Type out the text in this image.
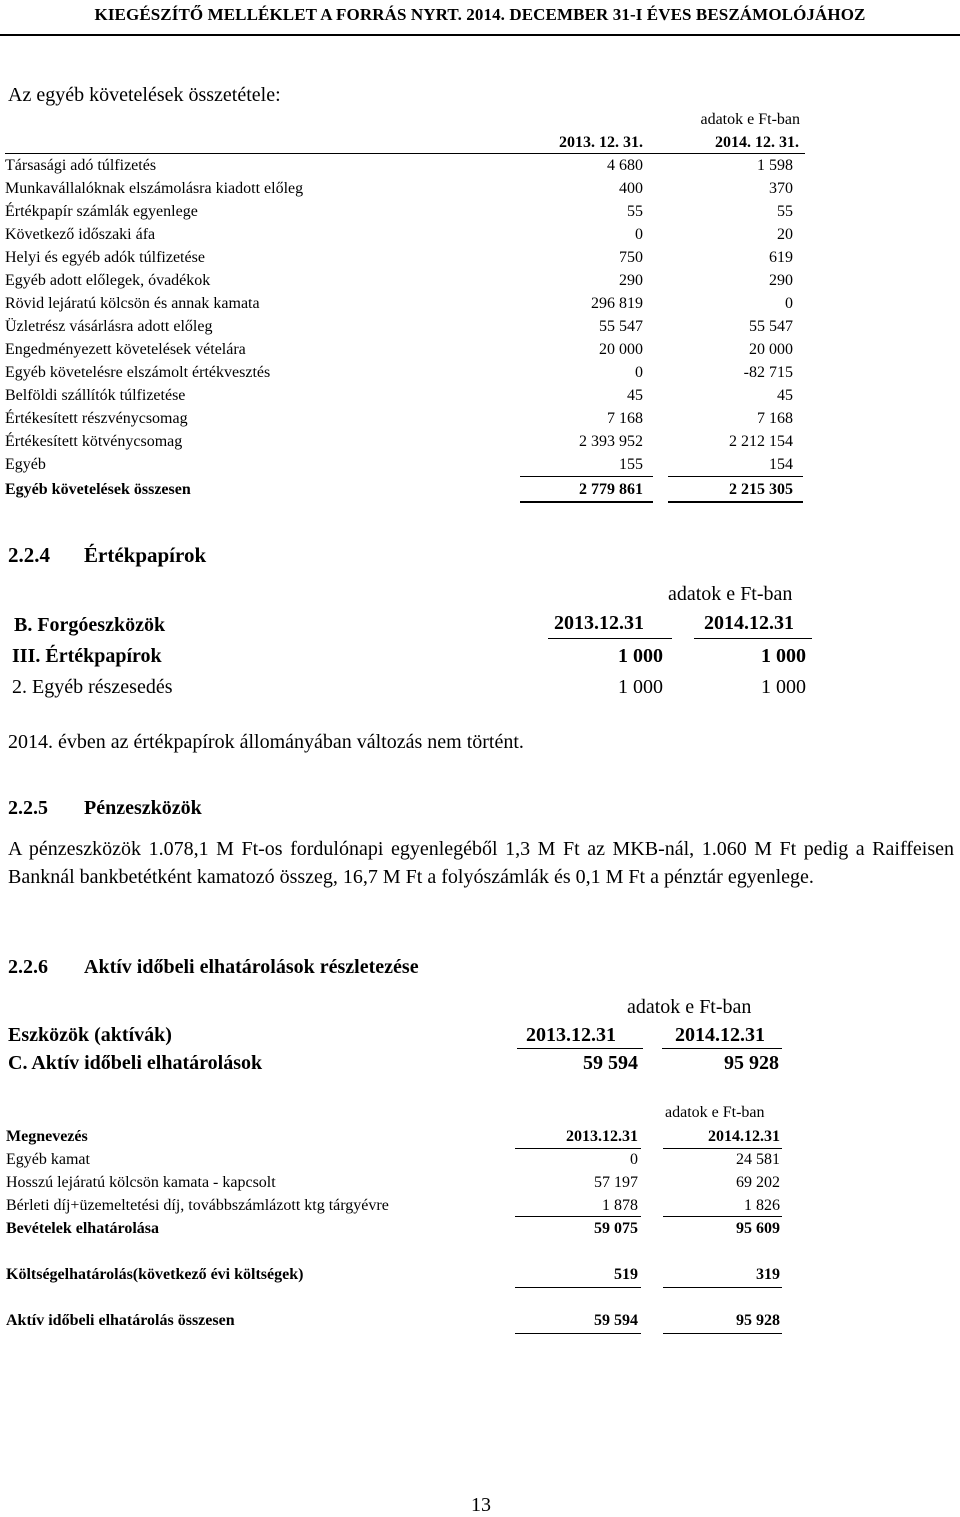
KIEGÉSZÍTŐ MELLÉKLET A FORRÁS NYRT. 2014. DECEMBER 31-I ÉVES BESZÁMOLÓJÁHOZ
Az egyéb követelések összetétele:
adatok e Ft-ban
2013. 12. 31.	2014. 12. 31.
Társasági adó túlfizetés	4 680	1 598
Munkavállalóknak elszámolásra kiadott előleg	400	370
Értékpapír számlák egyenlege	55	55
Következő időszaki áfa	0	20
Helyi és egyéb adók túlfizetése	750	619
Egyéb adott előlegek, óvadékok	290	290
Rövid lejáratú kölcsön és annak kamata	296 819	0
Üzletrész vásárlásra adott előleg	55 547	55 547
Engedményezett követelések vételára	20 000	20 000
Egyéb követelésre elszámolt értékvesztés	0	-82 715
Belföldi szállítók túlfizetése	45	45
Értékesített részvénycsomag	7 168	7 168
Értékesített kötvénycsomag	2 393 952	2 212 154
Egyéb	155	154
Egyéb követelések összesen	2 779 861	2 215 305
2.2.4 Értékpapírok
adatok e Ft-ban
B. Forgóeszközök	2013.12.31	2014.12.31
III. Értékpapírok	1 000	1 000
2. Egyéb részesedés	1 000	1 000
2014. évben az értékpapírok állományában változás nem történt.
2.2.5 Pénzeszközök
A pénzeszközök 1.078,1 M Ft-os fordulónapi egyenlegéből 1,3 M Ft az MKB-nál, 1.060 M Ft pedig a Raiffeisen Banknál bankbetétként kamatozó összeg, 16,7 M Ft a folyószámlák és 0,1 M Ft a pénztár egyenlege.
2.2.6 Aktív időbeli elhatárolások részletezése
adatok e Ft-ban
Eszközök (aktívák)	2013.12.31	2014.12.31
C. Aktív időbeli elhatárolások	59 594	95 928
adatok e Ft-ban
Megnevezés	2013.12.31	2014.12.31
Egyéb kamat	0	24 581
Hosszú lejáratú kölcsön kamata - kapcsolt	57 197	69 202
Bérleti díj+üzemeltetési díj, továbbszámlázott ktg tárgyévre	1 878	1 826
Bevételek elhatárolása	59 075	95 609
Költségelhatárolás(következő évi költségek)	519	319
Aktív időbeli elhatárolás összesen	59 594	95 928
13
